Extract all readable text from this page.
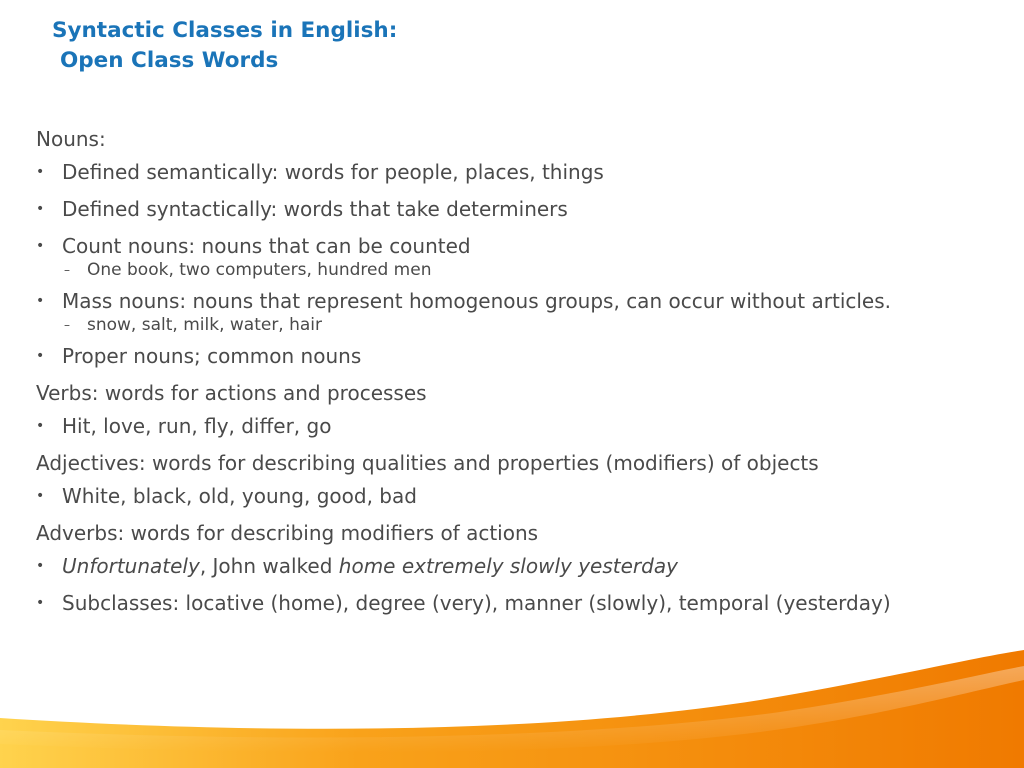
Syntactic Classes in English:
Open Class Words

Nouns:

• Defined semantically: words for people, places, things
• Defined syntactically: words that take determiners
• Count nouns: nouns that can be counted
– One book, two computers, hundred men
• Mass nouns: nouns that represent homogenous groups, can occur without articles.
– snow, salt, milk, water, hair
• Proper nouns; common nouns

Verbs: words for actions and processes

• Hit, love, run, fly, differ, go

Adjectives: words for describing qualities and properties (modifiers) of objects

• White, black, old, young, good, bad

Adverbs: words for describing modifiers of actions

• Unfortunately, John walked home extremely slowly yesterday
• Subclasses: locative (home), degree (very), manner (slowly), temporal (yesterday)
